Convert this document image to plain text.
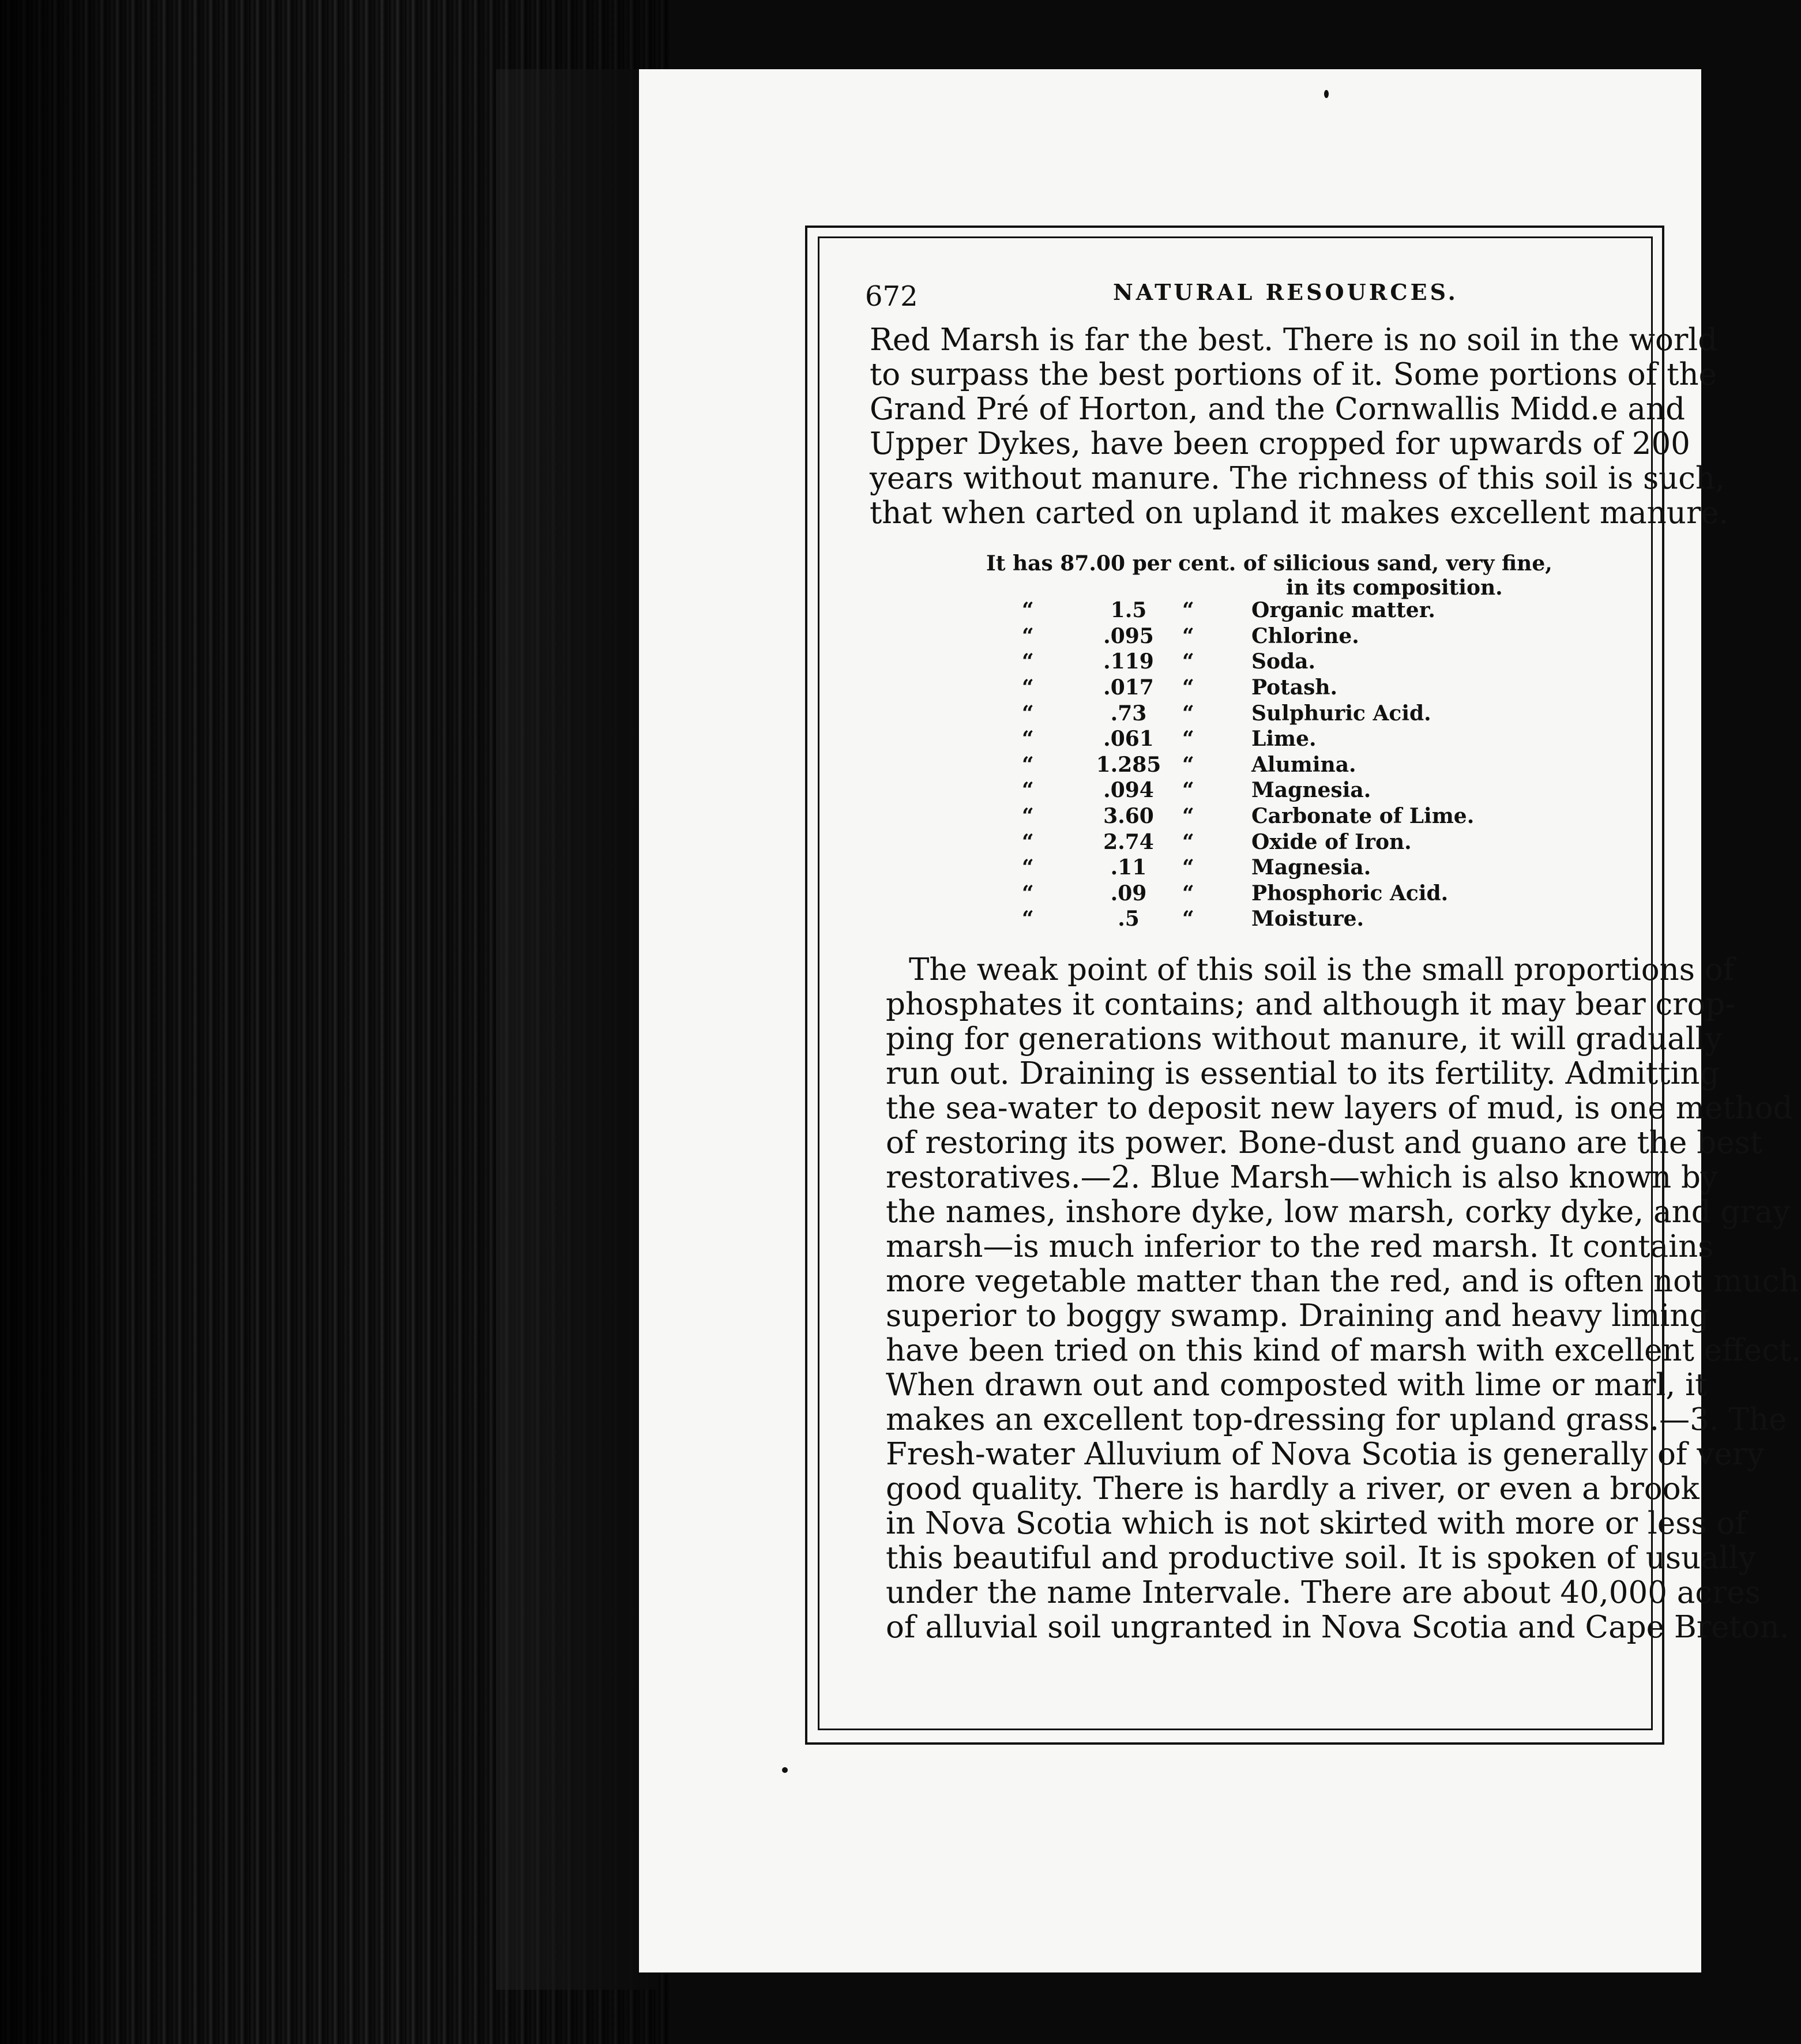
672	NATURAL RESOURCES.
Red Marsh is far the best. There is no soil in the world
to surpass the best portions of it. Some portions of the
Grand Pré of Horton, and the Cornwallis Midd.e and
Upper Dykes, have been cropped for upwards of 200
years without manure. The richness of this soil is such,
that when carted on upland it makes excellent manure.
It has 87.00 per cent. of silicious sand, very fine,
in its composition.
“	1.5	“	Organic matter.
“	.095	“	Chlorine.
“	.119	“	Soda.
“	.017	“	Potash.
“	.73	“	Sulphuric Acid.
“	.061	“	Lime.
“	1.285	“	Alumina.
“	.094	“	Magnesia.
“	3.60	“	Carbonate of Lime.
“	2.74	“	Oxide of Iron.
“	.11	“	Magnesia.
“	.09	“	Phosphoric Acid.
“	.5	“	Moisture.
The weak point of this soil is the small proportions of
phosphates it contains; and although it may bear crop-
ping for generations without manure, it will gradually
run out. Draining is essential to its fertility. Admitting
the sea-water to deposit new layers of mud, is one method
of restoring its power. Bone-dust and guano are the best
restoratives.—2. Blue Marsh—which is also known by
the names, inshore dyke, low marsh, corky dyke, and gray
marsh—is much inferior to the red marsh. It contains
more vegetable matter than the red, and is often not much
superior to boggy swamp. Draining and heavy liming
have been tried on this kind of marsh with excellent effect.
When drawn out and composted with lime or marl, it
makes an excellent top-dressing for upland grass.—3. The
Fresh-water Alluvium of Nova Scotia is generally of very
good quality. There is hardly a river, or even a brook
in Nova Scotia which is not skirted with more or less of
this beautiful and productive soil. It is spoken of usually
under the name Intervale. There are about 40,000 acres
of alluvial soil ungranted in Nova Scotia and Cape Breton.
